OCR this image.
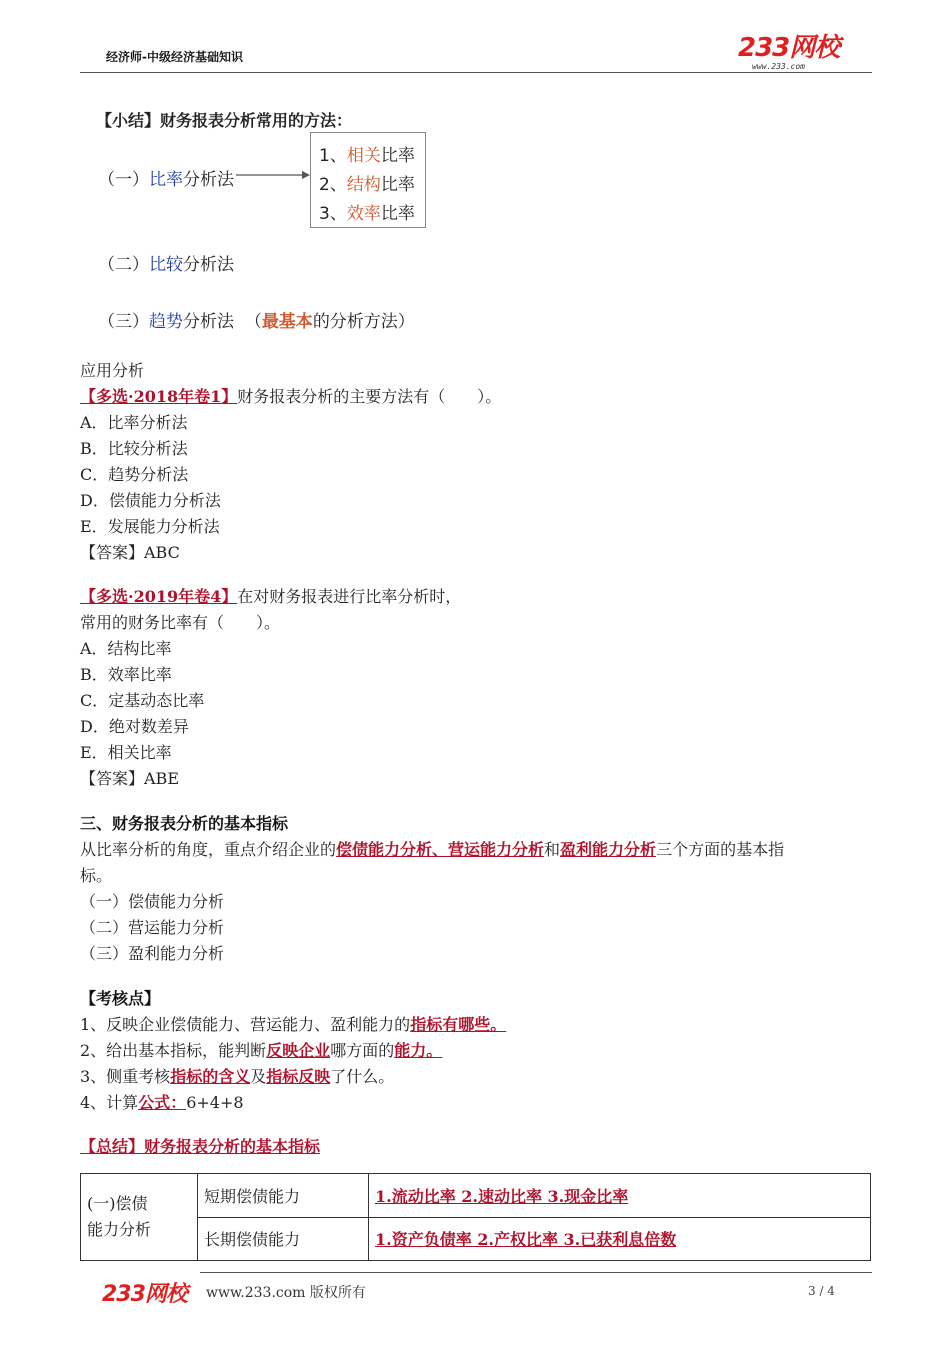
经济师-中级经济基础知识	233网校
www.233.com
【小结】财务报表分析常用的方法：
（一）比率分析法
1、相关比率
2、结构比率
3、效率比率
（二）比较分析法
（三）趋势分析法 （最基本的分析方法）
应用分析
【多选·2018年卷1】财务报表分析的主要方法有（　　）。
A．比率分析法
B．比较分析法
C．趋势分析法
D．偿债能力分析法
E．发展能力分析法
【答案】ABC
【多选·2019年卷4】在对财务报表进行比率分析时，
常用的财务比率有（　　）。
A．结构比率
B．效率比率
C．定基动态比率
D．绝对数差异
E．相关比率
【答案】ABE
三、财务报表分析的基本指标
从比率分析的角度，重点介绍企业的偿债能力分析、营运能力分析和盈利能力分析三个方面的基本指
标。
（一）偿债能力分析
（二）营运能力分析
（三）盈利能力分析
【考核点】
1、反映企业偿债能力、营运能力、盈利能力的指标有哪些。
2、给出基本指标，能判断反映企业哪方面的能力。
3、侧重考核指标的含义及指标反映了什么。
4、计算公式：6+4+8
【总结】财务报表分析的基本指标
(一)偿债
能力分析	短期偿债能力	1.流动比率 2.速动比率 3.现金比率
	长期偿债能力	1.资产负债率 2.产权比率 3.已获利息倍数
233网校 www.233.com 版权所有	3 / 4
